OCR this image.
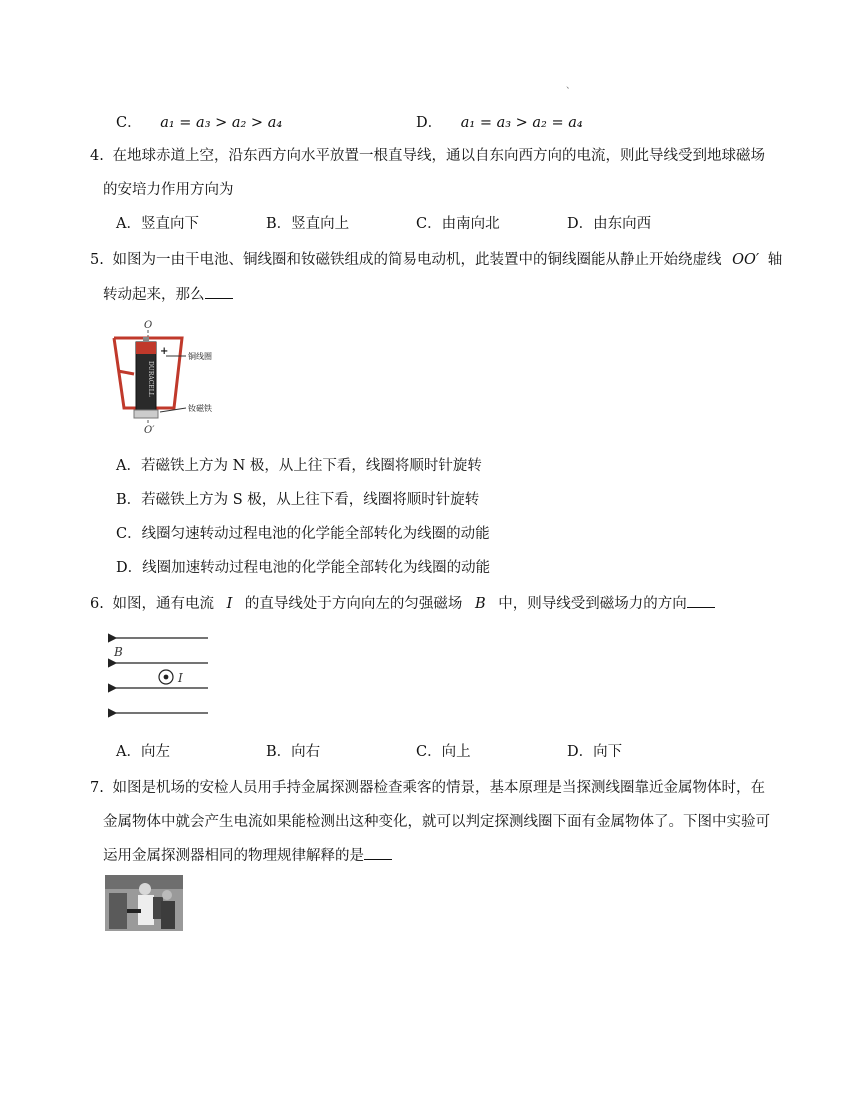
、
C． a₁ = a₃ > a₂ > a₄	D． a₁ = a₃ > a₂ = a₄
4. 在地球赤道上空，沿东西方向水平放置一根直导线，通以自东向西方向的电流，则此导线受到地球磁场
的安培力作用方向为
A．竖直向下	B．竖直向上	C．由南向北	D．由东向西
5. 如图为一由干电池、铜线圈和钕磁铁组成的简易电动机，此装置中的铜线圈能从静止开始绕虚线 OO′ 轴
转动起来，那么
O
DURACELL
+ 铜线圈
钕磁铁
O′
A．若磁铁上方为 N 极，从上往下看，线圈将顺时针旋转
B．若磁铁上方为 S 极，从上往下看，线圈将顺时针旋转
C．线圈匀速转动过程电池的化学能全部转化为线圈的动能
D．线圈加速转动过程电池的化学能全部转化为线圈的动能
6. 如图，通有电流 I 的直导线处于方向向左的匀强磁场 B 中，则导线受到磁场力的方向
B
I
A．向左	B．向右	C．向上	D．向下
7. 如图是机场的安检人员用手持金属探测器检查乘客的情景，基本原理是当探测线圈靠近金属物体时，在
金属物体中就会产生电流如果能检测出这种变化，就可以判定探测线圈下面有金属物体了。下图中实验可
运用金属探测器相同的物理规律解释的是
